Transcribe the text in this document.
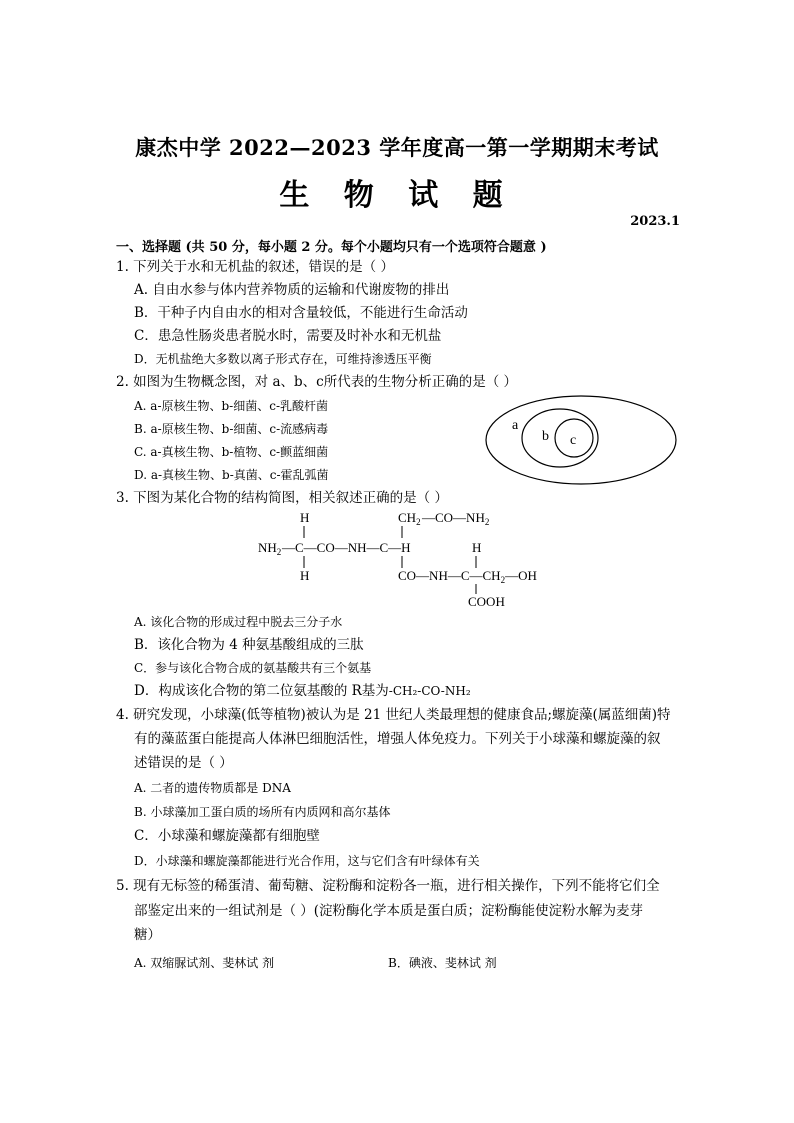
康杰中学 2022—2023 学年度高一第一学期期末考试
生 物 试 题
2023.1
一、选择题 (共 50 分，每小题 2 分。每个小题均只有一个选项符合题意 )
1. 下列关于水和无机盐的叙述，错误的是（ ）
A. 自由水参与体内营养物质的运输和代谢废物的排出
B．干种子内自由水的相对含量较低，不能进行生命活动
C．患急性肠炎患者脱水时，需要及时补水和无机盐
D．无机盐绝大多数以离子形式存在，可维持渗透压平衡
2. 如图为生物概念图，对 a、b、c所代表的生物分析正确的是（ ）
A. a-原核生物、b-细菌、c-乳酸杆菌
B. a-原核生物、b-细菌、c-流感病毒
C. a-真核生物、b-植物、c-颤蓝细菌
D. a-真核生物、b-真菌、c-霍乱弧菌
a
b c
3. 下图为某化合物的结构简图，相关叙述正确的是（ ）
H	$CH_2$ $—CO—NH_2$
$NH_2$ —C—CO—NH—C—H
H
H
$CO—NH—C—CH_2—OH$
COOH
A. 该化合物的形成过程中脱去三分子水
B．该化合物为 4 种氨基酸组成的三肽
C．参与该化合物合成的氨基酸共有三个氨基
D．构成该化合物的第二位氨基酸的 R基为-CH₂-CO-NH₂
4. 研究发现，小球藻(低等植物)被认为是 21 世纪人类最理想的健康食品;螺旋藻(属蓝细菌)特
有的藻蓝蛋白能提高人体淋巴细胞活性，增强人体免疫力。下列关于小球藻和螺旋藻的叙
述错误的是（ ）
A. 二者的遗传物质都是 DNA
B. 小球藻加工蛋白质的场所有内质网和高尔基体
C．小球藻和螺旋藻都有细胞壁
D．小球藻和螺旋藻都能进行光合作用，这与它们含有叶绿体有关
5. 现有无标签的稀蛋清、葡萄糖、淀粉酶和淀粉各一瓶，进行相关操作，下列不能将它们全
部鉴定出来的一组试剂是（ ）(淀粉酶化学本质是蛋白质；淀粉酶能使淀粉水解为麦芽
糖）
A. 双缩脲试剂、斐林试 剂	B．碘液、斐林试 剂
